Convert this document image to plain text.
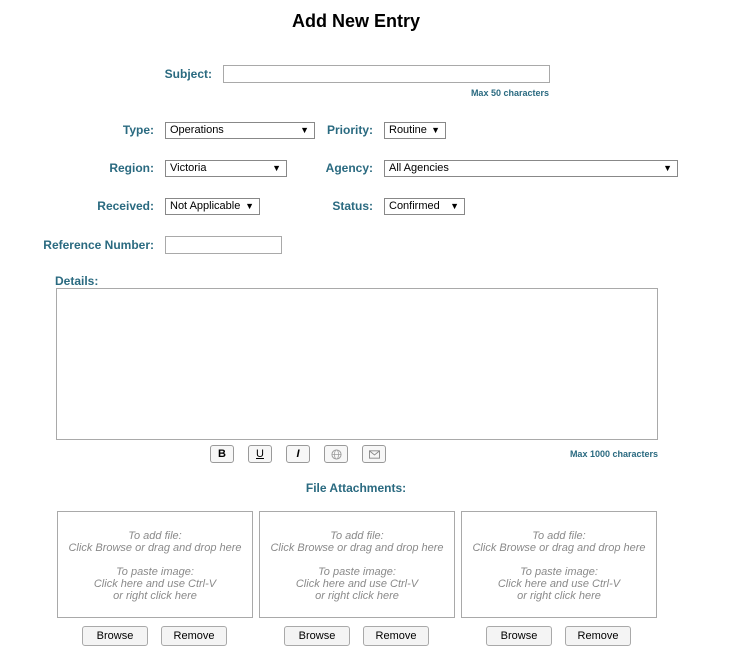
Add New Entry
Subject:
Max 50 characters
Type:	Operations	▼	Priority:	Routine ▼
Region:	Victoria	▼	Agency:	All Agencies	▼
Received:	Not Applicable ▼	Status:	Confirmed ▼
Reference Number:
Details:
B	U	I	Max 1000 characters
File Attachments:
To add file:
Click Browse or drag and drop here
To paste image:
Click here and use Ctrl-V
or right click here
To add file:
Click Browse or drag and drop here
To paste image:
Click here and use Ctrl-V
or right click here
To add file:
Click Browse or drag and drop here
To paste image:
Click here and use Ctrl-V
or right click here
Browse	Remove	Browse	Remove	Browse	Remove
